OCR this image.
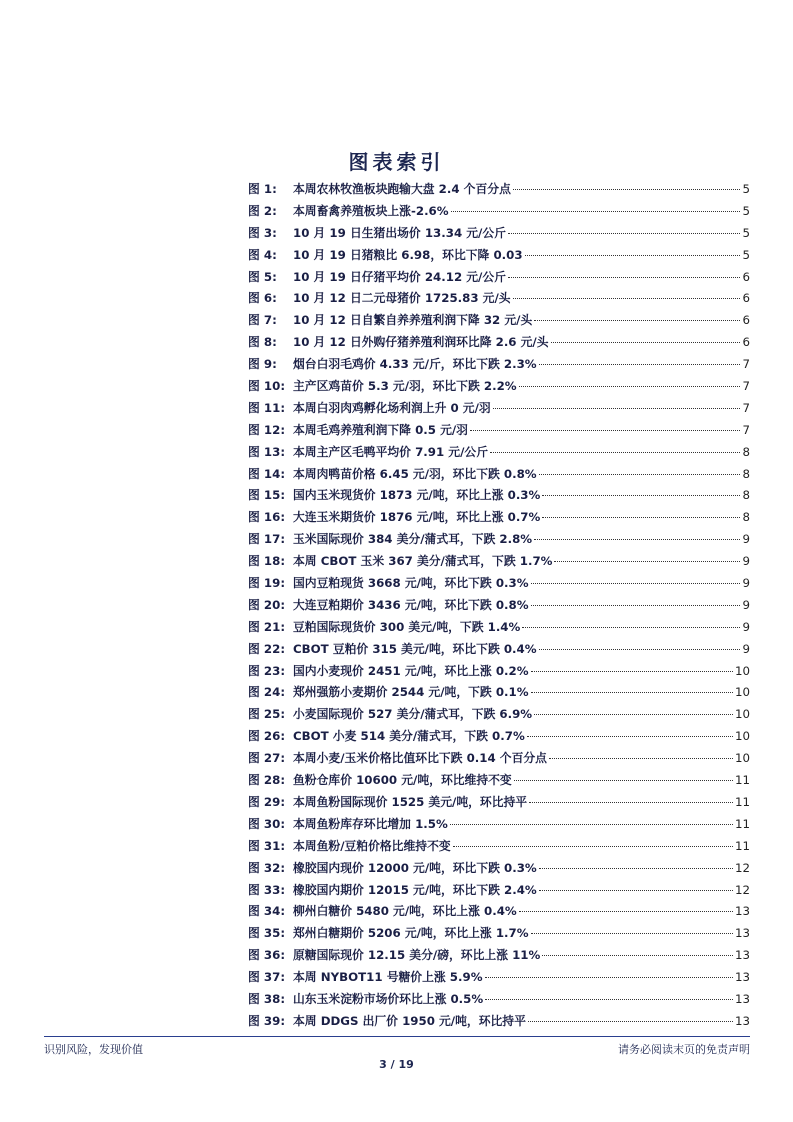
图表索引
图 1:	本周农林牧渔板块跑输大盘 2.4 个百分点	5
图 2:	本周畜禽养殖板块上涨-2.6%	5
图 3:	10 月 19 日生猪出场价 13.34 元/公斤	5
图 4:	10 月 19 日猪粮比 6.98，环比下降 0.03	5
图 5:	10 月 19 日仔猪平均价 24.12 元/公斤	6
图 6:	10 月 12 日二元母猪价 1725.83 元/头	6
图 7:	10 月 12 日自繁自养养殖利润下降 32 元/头	6
图 8:	10 月 12 日外购仔猪养殖利润环比降 2.6 元/头	6
图 9:	烟台白羽毛鸡价 4.33 元/斤，环比下跌 2.3%	7
图 10: 主产区鸡苗价 5.3 元/羽，环比下跌 2.2%	7
图 11: 本周白羽肉鸡孵化场利润上升 0 元/羽	7
图 12: 本周毛鸡养殖利润下降 0.5 元/羽	7
图 13: 本周主产区毛鸭平均价 7.91 元/公斤	8
图 14: 本周肉鸭苗价格 6.45 元/羽，环比下跌 0.8%	8
图 15: 国内玉米现货价 1873 元/吨，环比上涨 0.3%	8
图 16: 大连玉米期货价 1876 元/吨，环比上涨 0.7%	8
图 17: 玉米国际现价 384 美分/蒲式耳，下跌 2.8%	9
图 18: 本周 CBOT 玉米 367 美分/蒲式耳，下跌 1.7%	9
图 19: 国内豆粕现货 3668 元/吨，环比下跌 0.3%	9
图 20: 大连豆粕期价 3436 元/吨，环比下跌 0.8%	9
图 21: 豆粕国际现货价 300 美元/吨，下跌 1.4%	9
图 22: CBOT 豆粕价 315 美元/吨，环比下跌 0.4%	9
图 23: 国内小麦现价 2451 元/吨，环比上涨 0.2%	10
图 24: 郑州强筋小麦期价 2544 元/吨，下跌 0.1%	10
图 25: 小麦国际现价 527 美分/蒲式耳，下跌 6.9%	10
图 26: CBOT 小麦 514 美分/蒲式耳，下跌 0.7%	10
图 27: 本周小麦/玉米价格比值环比下跌 0.14 个百分点	10
图 28: 鱼粉仓库价 10600 元/吨，环比维持不变	11
图 29: 本周鱼粉国际现价 1525 美元/吨，环比持平	11
图 30: 本周鱼粉库存环比增加 1.5%	11
图 31: 本周鱼粉/豆粕价格比维持不变	11
图 32: 橡胶国内现价 12000 元/吨，环比下跌 0.3%	12
图 33: 橡胶国内期价 12015 元/吨，环比下跌 2.4%	12
图 34: 柳州白糖价 5480 元/吨，环比上涨 0.4%	13
图 35: 郑州白糖期价 5206 元/吨，环比上涨 1.7%	13
图 36: 原糖国际现价 12.15 美分/磅，环比上涨 11%	13
图 37: 本周 NYBOT11 号糖价上涨 5.9%	13
图 38: 山东玉米淀粉市场价环比上涨 0.5%	13
图 39: 本周 DDGS 出厂价 1950 元/吨，环比持平	13
识别风险，发现价值	请务必阅读末页的免责声明
3 / 19
